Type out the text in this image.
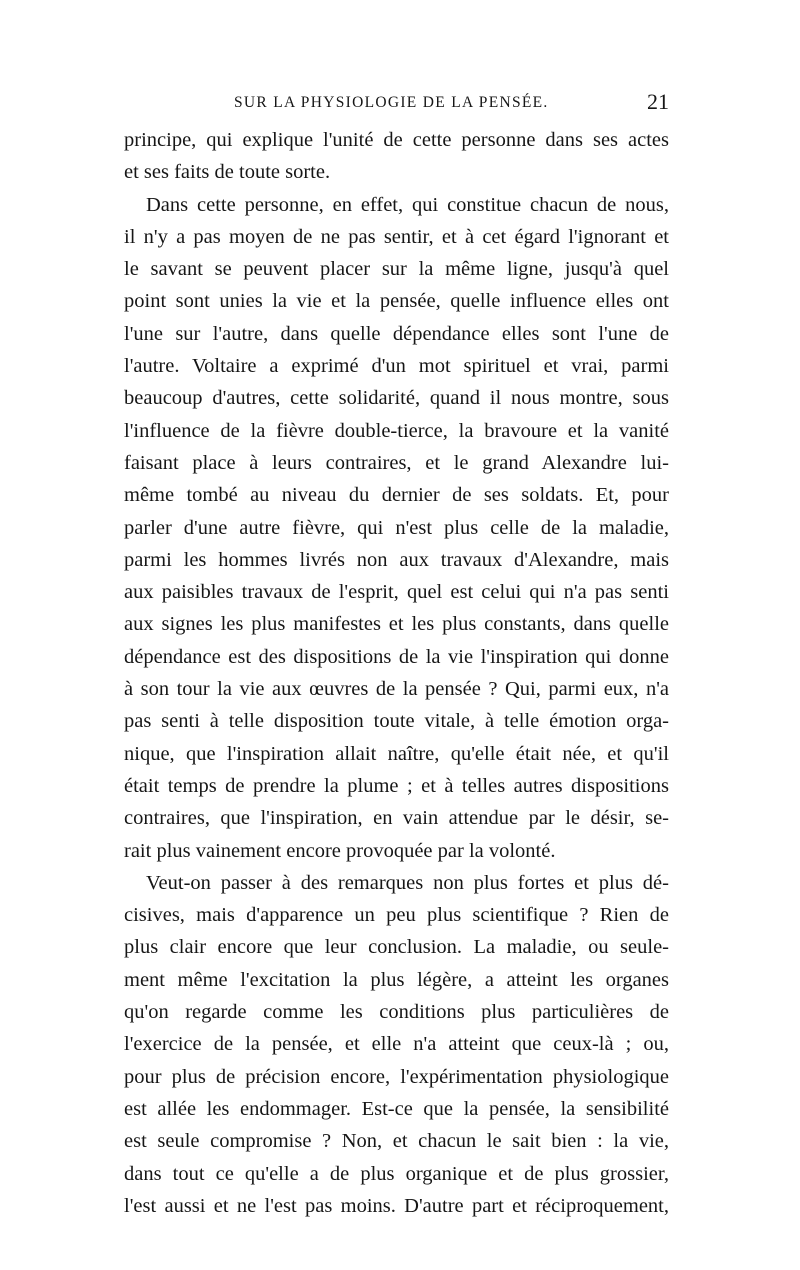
SUR LA PHYSIOLOGIE DE LA PENSÉE.	21
principe, qui explique l'unité de cette personne dans ses actes
et ses faits de toute sorte.
Dans cette personne, en effet, qui constitue chacun de nous,
il n'y a pas moyen de ne pas sentir, et à cet égard l'ignorant et
le savant se peuvent placer sur la même ligne, jusqu'à quel
point sont unies la vie et la pensée, quelle influence elles ont
l'une sur l'autre, dans quelle dépendance elles sont l'une de
l'autre. Voltaire a exprimé d'un mot spirituel et vrai, parmi
beaucoup d'autres, cette solidarité, quand il nous montre, sous
l'influence de la fièvre double-tierce, la bravoure et la vanité
faisant place à leurs contraires, et le grand Alexandre lui-
même tombé au niveau du dernier de ses soldats. Et, pour
parler d'une autre fièvre, qui n'est plus celle de la maladie,
parmi les hommes livrés non aux travaux d'Alexandre, mais
aux paisibles travaux de l'esprit, quel est celui qui n'a pas senti
aux signes les plus manifestes et les plus constants, dans quelle
dépendance est des dispositions de la vie l'inspiration qui donne
à son tour la vie aux œuvres de la pensée ? Qui, parmi eux, n'a
pas senti à telle disposition toute vitale, à telle émotion orga-
nique, que l'inspiration allait naître, qu'elle était née, et qu'il
était temps de prendre la plume ; et à telles autres dispositions
contraires, que l'inspiration, en vain attendue par le désir, se-
rait plus vainement encore provoquée par la volonté.
Veut-on passer à des remarques non plus fortes et plus dé-
cisives, mais d'apparence un peu plus scientifique ? Rien de
plus clair encore que leur conclusion. La maladie, ou seule-
ment même l'excitation la plus légère, a atteint les organes
qu'on regarde comme les conditions plus particulières de
l'exercice de la pensée, et elle n'a atteint que ceux-là ; ou,
pour plus de précision encore, l'expérimentation physiologique
est allée les endommager. Est-ce que la pensée, la sensibilité
est seule compromise ? Non, et chacun le sait bien : la vie,
dans tout ce qu'elle a de plus organique et de plus grossier,
l'est aussi et ne l'est pas moins. D'autre part et réciproquement,
